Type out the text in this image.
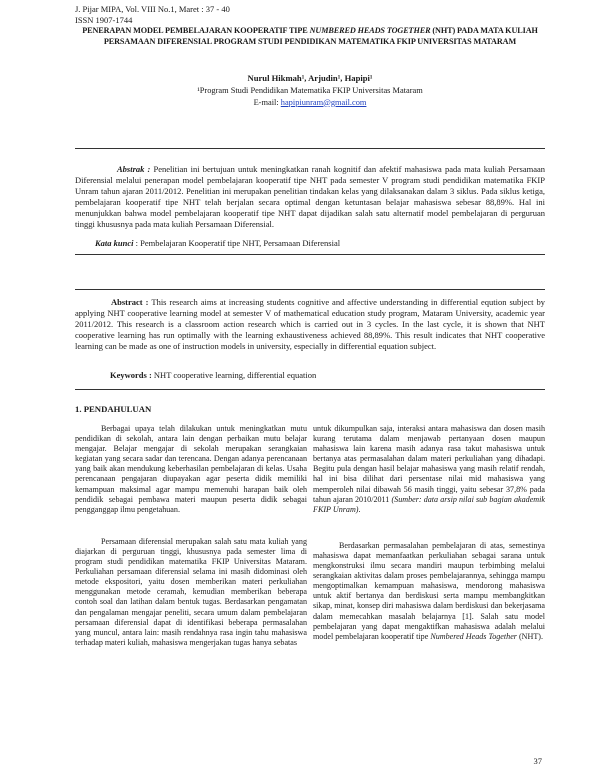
J. Pijar MIPA, Vol. VIII No.1, Maret : 37 - 40
ISSN 1907-1744
PENERAPAN MODEL PEMBELAJARAN KOOPERATIF TIPE NUMBERED HEADS TOGETHER (NHT) PADA MATA KULIAH PERSAMAAN DIFERENSIAL PROGRAM STUDI PENDIDIKAN MATEMATIKA FKIP UNIVERSITAS MATARAM
Nurul Hikmah¹, Arjudin¹, Hapipi¹
¹Program Studi Pendidikan Matematika FKIP Universitas Mataram
E-mail: hapipiunram@gmail.com
Abstrak : Penelitian ini bertujuan untuk meningkatkan ranah kognitif dan afektif mahasiswa pada mata kuliah Persamaan Diferensial melalui penerapan model pembelajaran kooperatif tipe NHT pada semester V program studi pendidikan matematika FKIP Unram tahun ajaran 2011/2012. Penelitian ini merupakan penelitian tindakan kelas yang dilaksanakan dalam 3 siklus. Pada siklus ketiga, pembelajaran kooperatif tipe NHT telah berjalan secara optimal dengan ketuntasan belajar mahasiswa sebesar 88,89%. Hal ini menunjukkan bahwa model pembelajaran kooperatif tipe NHT dapat dijadikan salah satu alternatif model pembelajaran di perguruan tinggi khususnya pada mata kuliah Persamaan Diferensial.
Kata kunci : Pembelajaran Kooperatif tipe NHT, Persamaan Diferensial
Abstract : This research aims at increasing students cognitive and affective understanding in differential eqution subject by applying NHT cooperative learning model at semester V of mathematical education study program, Mataram University, academic year 2011/2012. This research is a classroom action research which is carried out in 3 cycles. In the last cycle, it is shown that NHT cooperative learning has run optimally with the learning exhaustiveness achieved 88,89%. This result indicates that NHT cooperative learning can be made as one of instruction models in university, especially in differential equation subject.
Keywords : NHT cooperative learning, differential equation
1. PENDAHULUAN

Berbagai upaya telah dilakukan untuk meningkatkan mutu pendidikan di sekolah, antara lain dengan perbaikan mutu belajar mengajar. Belajar mengajar di sekolah merupakan serangkaian kegiatan yang secara sadar dan terencana. Dengan adanya perencanaan yang baik akan mendukung keberhasilan pembelajaran di kelas. Usaha perencanaan pengajaran diupayakan agar peserta didik memiliki kemampuan maksimal agar mampu memenuhi harapan baik oleh pendidik sebagai pembawa materi maupun peserta didik sebagai pengganggap ilmu pengetahuan.

Persamaan diferensial merupakan salah satu mata kuliah yang diajarkan di perguruan tinggi, khususnya pada semester lima di program studi pendidikan matematika FKIP Universitas Mataram. Perkuliahan persamaan diferensial selama ini masih didominasi oleh metode ekspositori, yaitu dosen memberikan materi perkuliahan menggunakan metode ceramah, kemudian memberikan beberapa contoh soal dan latihan dalam bentuk tugas. Berdasarkan pengamatan dan pengalaman mengajar peneliti, secara umum dalam pembelajaran persamaan diferensial dapat di identifikasi beberapa permasalahan yang muncul, antara lain: masih rendahnya rasa ingin tahu mahasiswa terhadap materi kuliah, mahasiswa mengerjakan tugas hanya sebatas

untuk dikumpulkan saja, interaksi antara mahasiswa dan dosen masih kurang terutama dalam menjawab pertanyaan dosen maupun mahasiswa lain karena masih adanya rasa takut mahasiswa untuk bertanya atas permasalahan dalam materi perkuliahan yang dihadapi. Begitu pula dengan hasil belajar mahasiswa yang masih relatif rendah, hal ini bisa dilihat dari persentase nilai mid mahasiswa yang memperoleh nilai dibawah 56 masih tinggi, yaitu sebesar 37,8% pada tahun ajaran 2010/2011 (Sumber: data arsip nilai sub bagian akademik FKIP Unram).

Berdasarkan permasalahan pembelajaran di atas, semestinya mahasiswa dapat memanfaatkan perkuliahan sebagai sarana untuk mengkonstruksi ilmu secara mandiri maupun terbimbing melalui serangkaian aktivitas dalam proses pembelajarannya, sehingga mampu mengoptimalkan kemampuan mahasiswa, mendorong mahasiswa untuk aktif bertanya dan berdiskusi serta mampu membangkitkan sikap, minat, konsep diri mahasiswa dalam berdiskusi dan bekerjasama dalam memecahkan masalah belajarnya [1]. Salah satu model pembelajaran yang dapat mengaktifkan mahasiswa adalah melalui model pembelajaran kooperatif tipe Numbered Heads Together (NHT).

37
